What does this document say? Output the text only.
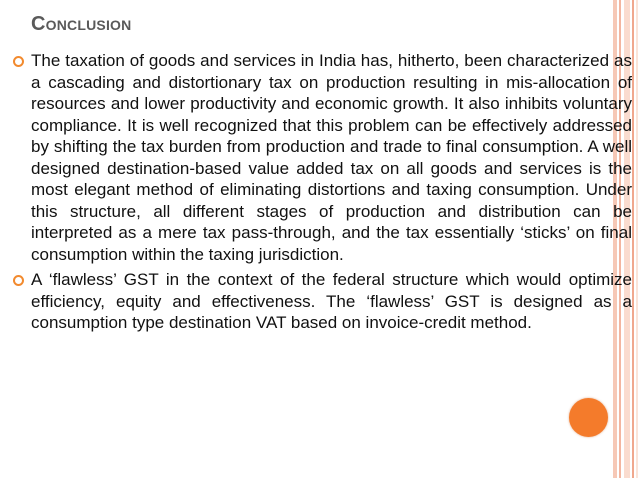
Conclusion

The taxation of goods and services in India has, hitherto, been characterized as a cascading and distortionary tax on production resulting in mis-allocation of resources and lower productivity and economic growth. It also inhibits voluntary compliance. It is well recognized that this problem can be effectively addressed by shifting the tax burden from production and trade to final consumption. A well designed destination-based value added tax on all goods and services is the most elegant method of eliminating distortions and taxing consumption. Under this structure, all different stages of production and distribution can be interpreted as a mere tax pass-through, and the tax essentially ‘sticks’ on final consumption within the taxing jurisdiction.

A ‘flawless’ GST in the context of the federal structure which would optimize efficiency, equity and effectiveness. The ‘flawless’ GST is designed as a consumption type destination VAT based on invoice-credit method.
